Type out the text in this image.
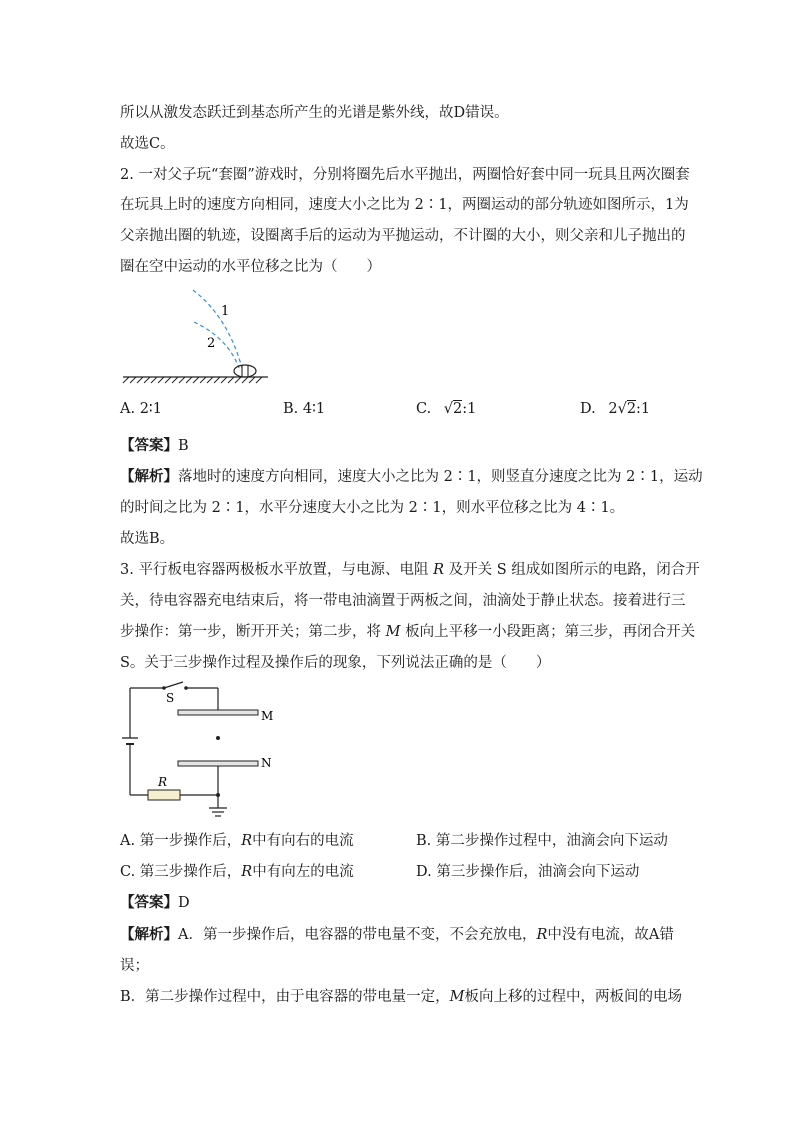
所以从激发态跃迁到基态所产生的光谱是紫外线，故D错误。
故选C。
2. 一对父子玩“套圈”游戏时，分别将圈先后水平抛出，两圈恰好套中同一玩具且两次圈套
在玩具上时的速度方向相同，速度大小之比为 2∶1，两圈运动的部分轨迹如图所示，1为
父亲抛出圈的轨迹，设圈离手后的运动为平抛运动，不计圈的大小，则父亲和儿子抛出的
圈在空中运动的水平位移之比为（　　）
1
2
A. 2∶1	B. 4∶1	C. √2:1	D. 2√2:1
【答案】B
【解析】落地时的速度方向相同，速度大小之比为 2∶1，则竖直分速度之比为 2∶1，运动
的时间之比为 2∶1，水平分速度大小之比为 2∶1，则水平位移之比为 4∶1。
故选B。
3. 平行板电容器两极板水平放置，与电源、电阻 R 及开关 S 组成如图所示的电路，闭合开
关，待电容器充电结束后，将一带电油滴置于两板之间，油滴处于静止状态。接着进行三
步操作：第一步，断开开关；第二步，将 M 板向上平移一小段距离；第三步，再闭合开关
S。关于三步操作过程及操作后的现象，下列说法正确的是（　　）
S
M
N
R
A. 第一步操作后，R中有向右的电流	B. 第二步操作过程中，油滴会向下运动
C. 第三步操作后，R中有向左的电流	D. 第三步操作后，油滴会向下运动
【答案】D
【解析】A．第一步操作后，电容器的带电量不变，不会充放电，R中没有电流，故A错
误；
B．第二步操作过程中，由于电容器的带电量一定，M板向上移的过程中，两板间的电场
